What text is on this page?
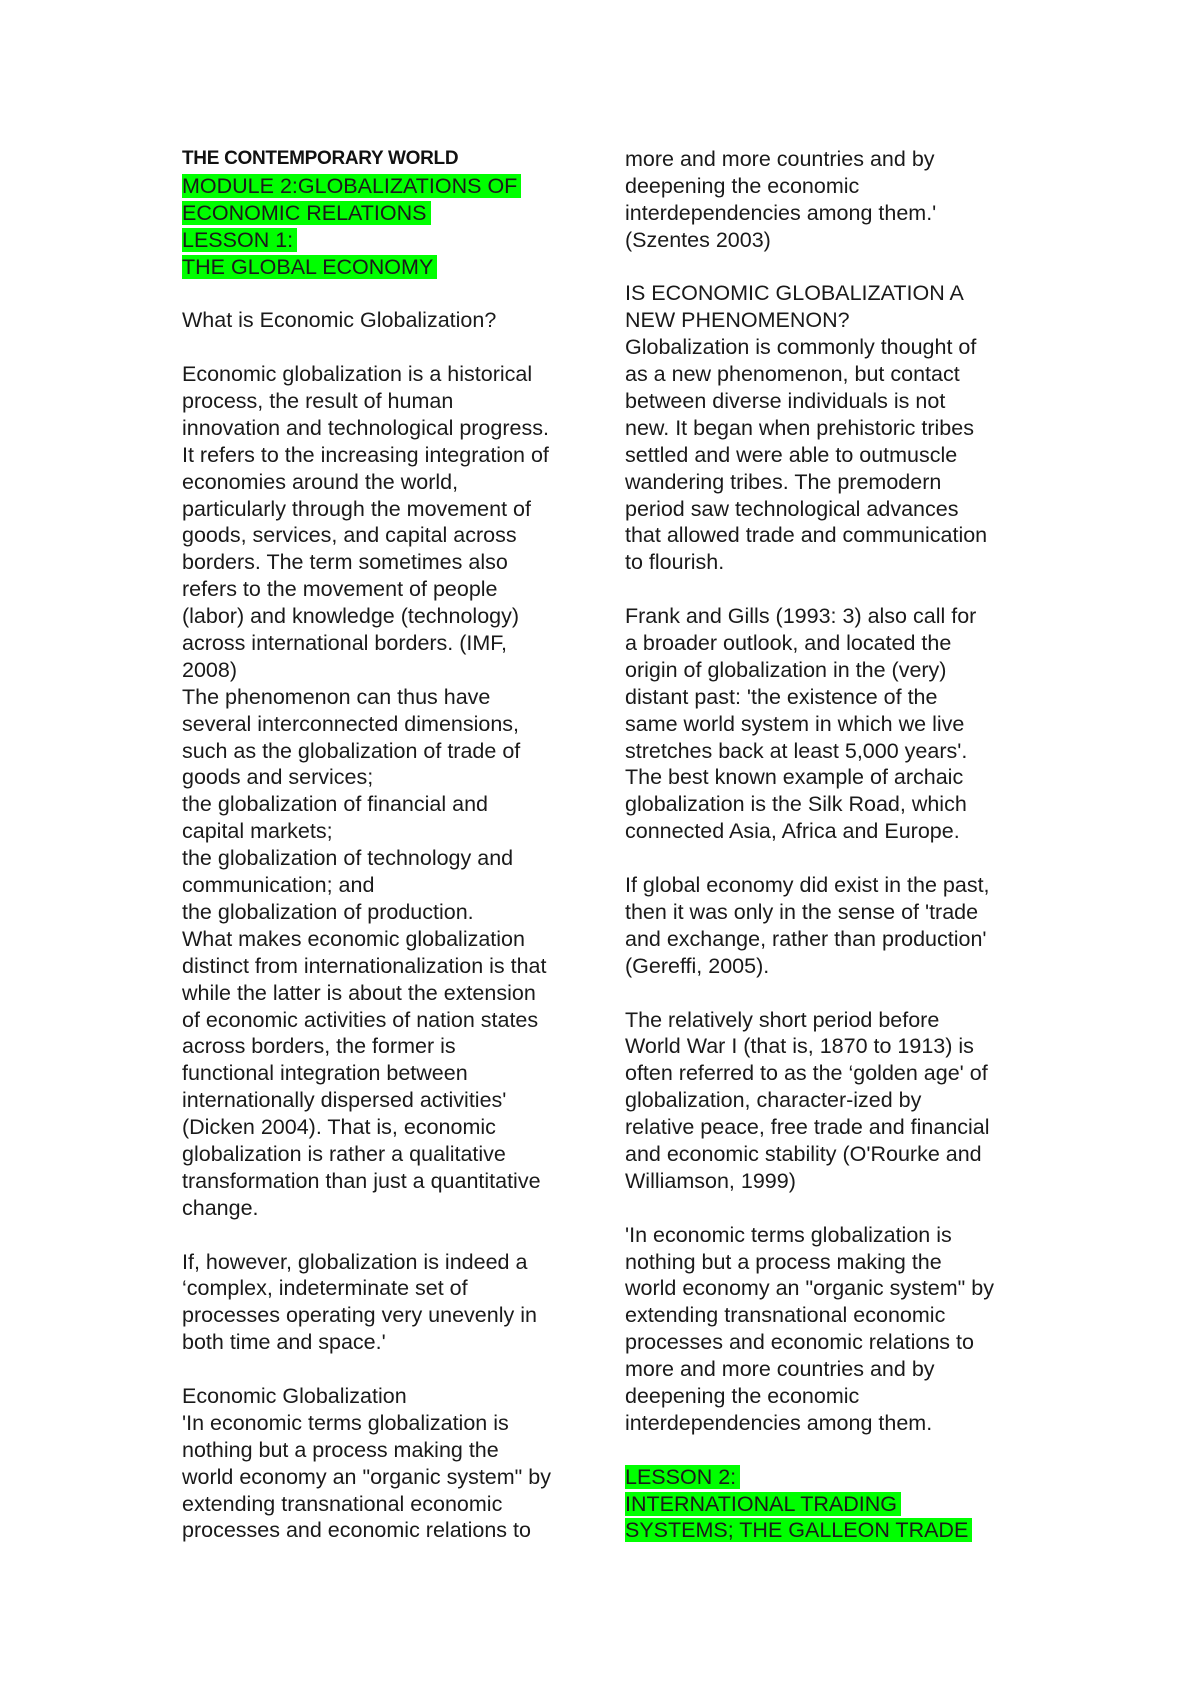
THE CONTEMPORARY WORLD
MODULE 2:GLOBALIZATIONS OF
ECONOMIC RELATIONS
LESSON 1:
THE GLOBAL ECONOMY
What is Economic Globalization?
Economic globalization is a historical
process, the result of human
innovation and technological progress.
It refers to the increasing integration of
economies around the world,
particularly through the movement of
goods, services, and capital across
borders. The term sometimes also
refers to the movement of people
(labor) and knowledge (technology)
across international borders. (IMF,
2008)
The phenomenon can thus have
several interconnected dimensions,
such as the globalization of trade of
goods and services;
the globalization of financial and
capital markets;
the globalization of technology and
communication; and
the globalization of production.
What makes economic globalization
distinct from internationalization is that
while the latter is about the extension
of economic activities of nation states
across borders, the former is
functional integration between
internationally dispersed activities'
(Dicken 2004). That is, economic
globalization is rather a qualitative
transformation than just a quantitative
change.
If, however, globalization is indeed a
‘complex, indeterminate set of
processes operating very unevenly in
both time and space.'
Economic Globalization
'In economic terms globalization is
nothing but a process making the
world economy an "organic system" by
extending transnational economic
processes and economic relations to
more and more countries and by
deepening the economic
interdependencies among them.'
(Szentes 2003)
IS ECONOMIC GLOBALIZATION A
NEW PHENOMENON?
Globalization is commonly thought of
as a new phenomenon, but contact
between diverse individuals is not
new. It began when prehistoric tribes
settled and were able to outmuscle
wandering tribes. The premodern
period saw technological advances
that allowed trade and communication
to flourish.
Frank and Gills (1993: 3) also call for
a broader outlook, and located the
origin of globalization in the (very)
distant past: 'the existence of the
same world system in which we live
stretches back at least 5,000 years'.
The best known example of archaic
globalization is the Silk Road, which
connected Asia, Africa and Europe.
If global economy did exist in the past,
then it was only in the sense of 'trade
and exchange, rather than production'
(Gereffi, 2005).
The relatively short period before
World War I (that is, 1870 to 1913) is
often referred to as the ‘golden age' of
globalization, character-ized by
relative peace, free trade and financial
and economic stability (O'Rourke and
Williamson, 1999)
'In economic terms globalization is
nothing but a process making the
world economy an "organic system" by
extending transnational economic
processes and economic relations to
more and more countries and by
deepening the economic
interdependencies among them.
LESSON 2:
INTERNATIONAL TRADING
SYSTEMS; THE GALLEON TRADE
